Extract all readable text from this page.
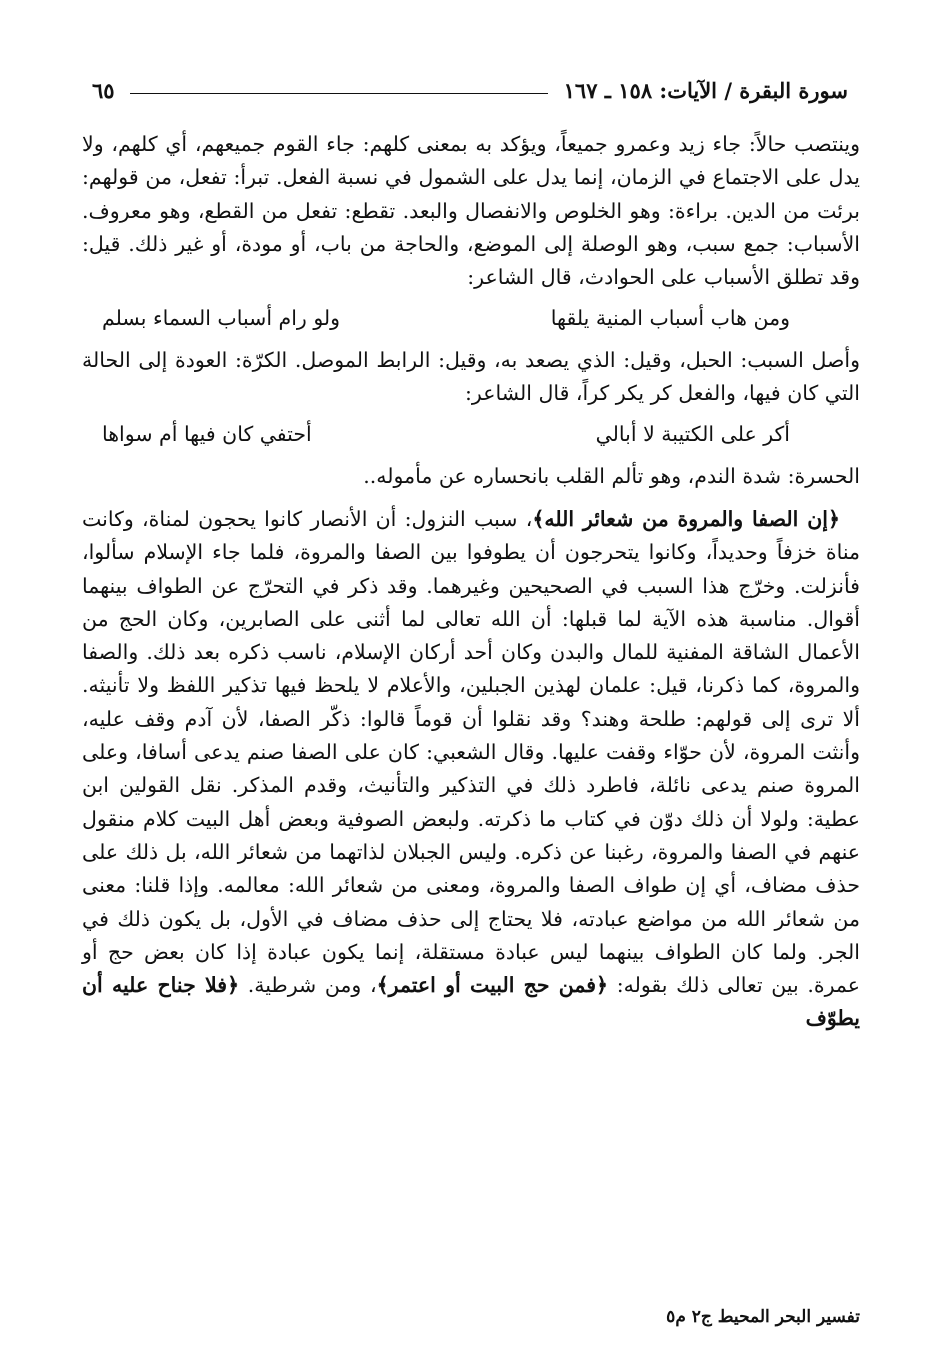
سورة البقرة / الآيات: ١٥٨ ـ ١٦٧
٦٥

وينتصب حالاً: جاء زيد وعمرو جميعاً، ويؤكد به بمعنى كلهم: جاء القوم جميعهم، أي كلهم، ولا يدل على الاجتماع في الزمان، إنما يدل على الشمول في نسبة الفعل. تبرأ: تفعل، من قولهم: برئت من الدين. براءة: وهو الخلوص والانفصال والبعد. تقطع: تفعل من القطع، وهو معروف. الأسباب: جمع سبب، وهو الوصلة إلى الموضع، والحاجة من باب، أو مودة، أو غير ذلك. قيل: وقد تطلق الأسباب على الحوادث، قال الشاعر:

ومن هاب أسباب المنية يلقها
ولو رام أسباب السماء بسلم

وأصل السبب: الحبل، وقيل: الذي يصعد به، وقيل: الرابط الموصل. الكرّة: العودة إلى الحالة التي كان فيها، والفعل كر يكر كراً، قال الشاعر:

أكر على الكتيبة لا أبالي
أحتفي كان فيها أم سواها

الحسرة: شدة الندم، وهو تألم القلب بانحساره عن مأموله..

﴿إن الصفا والمروة من شعائر الله﴾، سبب النزول: أن الأنصار كانوا يحجون لمناة، وكانت مناة خزفاً وحديداً، وكانوا يتحرجون أن يطوفوا بين الصفا والمروة، فلما جاء الإسلام سألوا، فأنزلت. وخرّج هذا السبب في الصحيحين وغيرهما. وقد ذكر في التحرّج عن الطواف بينهما أقوال. مناسبة هذه الآية لما قبلها: أن الله تعالى لما أثنى على الصابرين، وكان الحج من الأعمال الشاقة المفنية للمال والبدن وكان أحد أركان الإسلام، ناسب ذكره بعد ذلك. والصفا والمروة، كما ذكرنا، قيل: علمان لهذين الجبلين، والأعلام لا يلحظ فيها تذكير اللفظ ولا تأنيثه. ألا ترى إلى قولهم: طلحة وهند؟ وقد نقلوا أن قوماً قالوا: ذكّر الصفا، لأن آدم وقف عليه، وأنثت المروة، لأن حوّاء وقفت عليها. وقال الشعبي: كان على الصفا صنم يدعى أسافا، وعلى المروة صنم يدعى نائلة، فاطرد ذلك في التذكير والتأنيث، وقدم المذكر. نقل القولين ابن عطية: ولولا أن ذلك دوّن في كتاب ما ذكرته. ولبعض الصوفية وبعض أهل البيت كلام منقول عنهم في الصفا والمروة، رغبنا عن ذكره. وليس الجبلان لذاتهما من شعائر الله، بل ذلك على حذف مضاف، أي إن طواف الصفا والمروة، ومعنى من شعائر الله: معالمه. وإذا قلنا: معنى من شعائر الله من مواضع عبادته، فلا يحتاج إلى حذف مضاف في الأول، بل يكون ذلك في الجر. ولما كان الطواف بينهما ليس عبادة مستقلة، إنما يكون عبادة إذا كان بعض حج أو عمرة. بين تعالى ذلك بقوله: ﴿فمن حج البيت أو اعتمر﴾، ومن شرطية. ﴿فلا جناح عليه أن يطوّف

تفسير البحر المحيط ج٢ م٥
